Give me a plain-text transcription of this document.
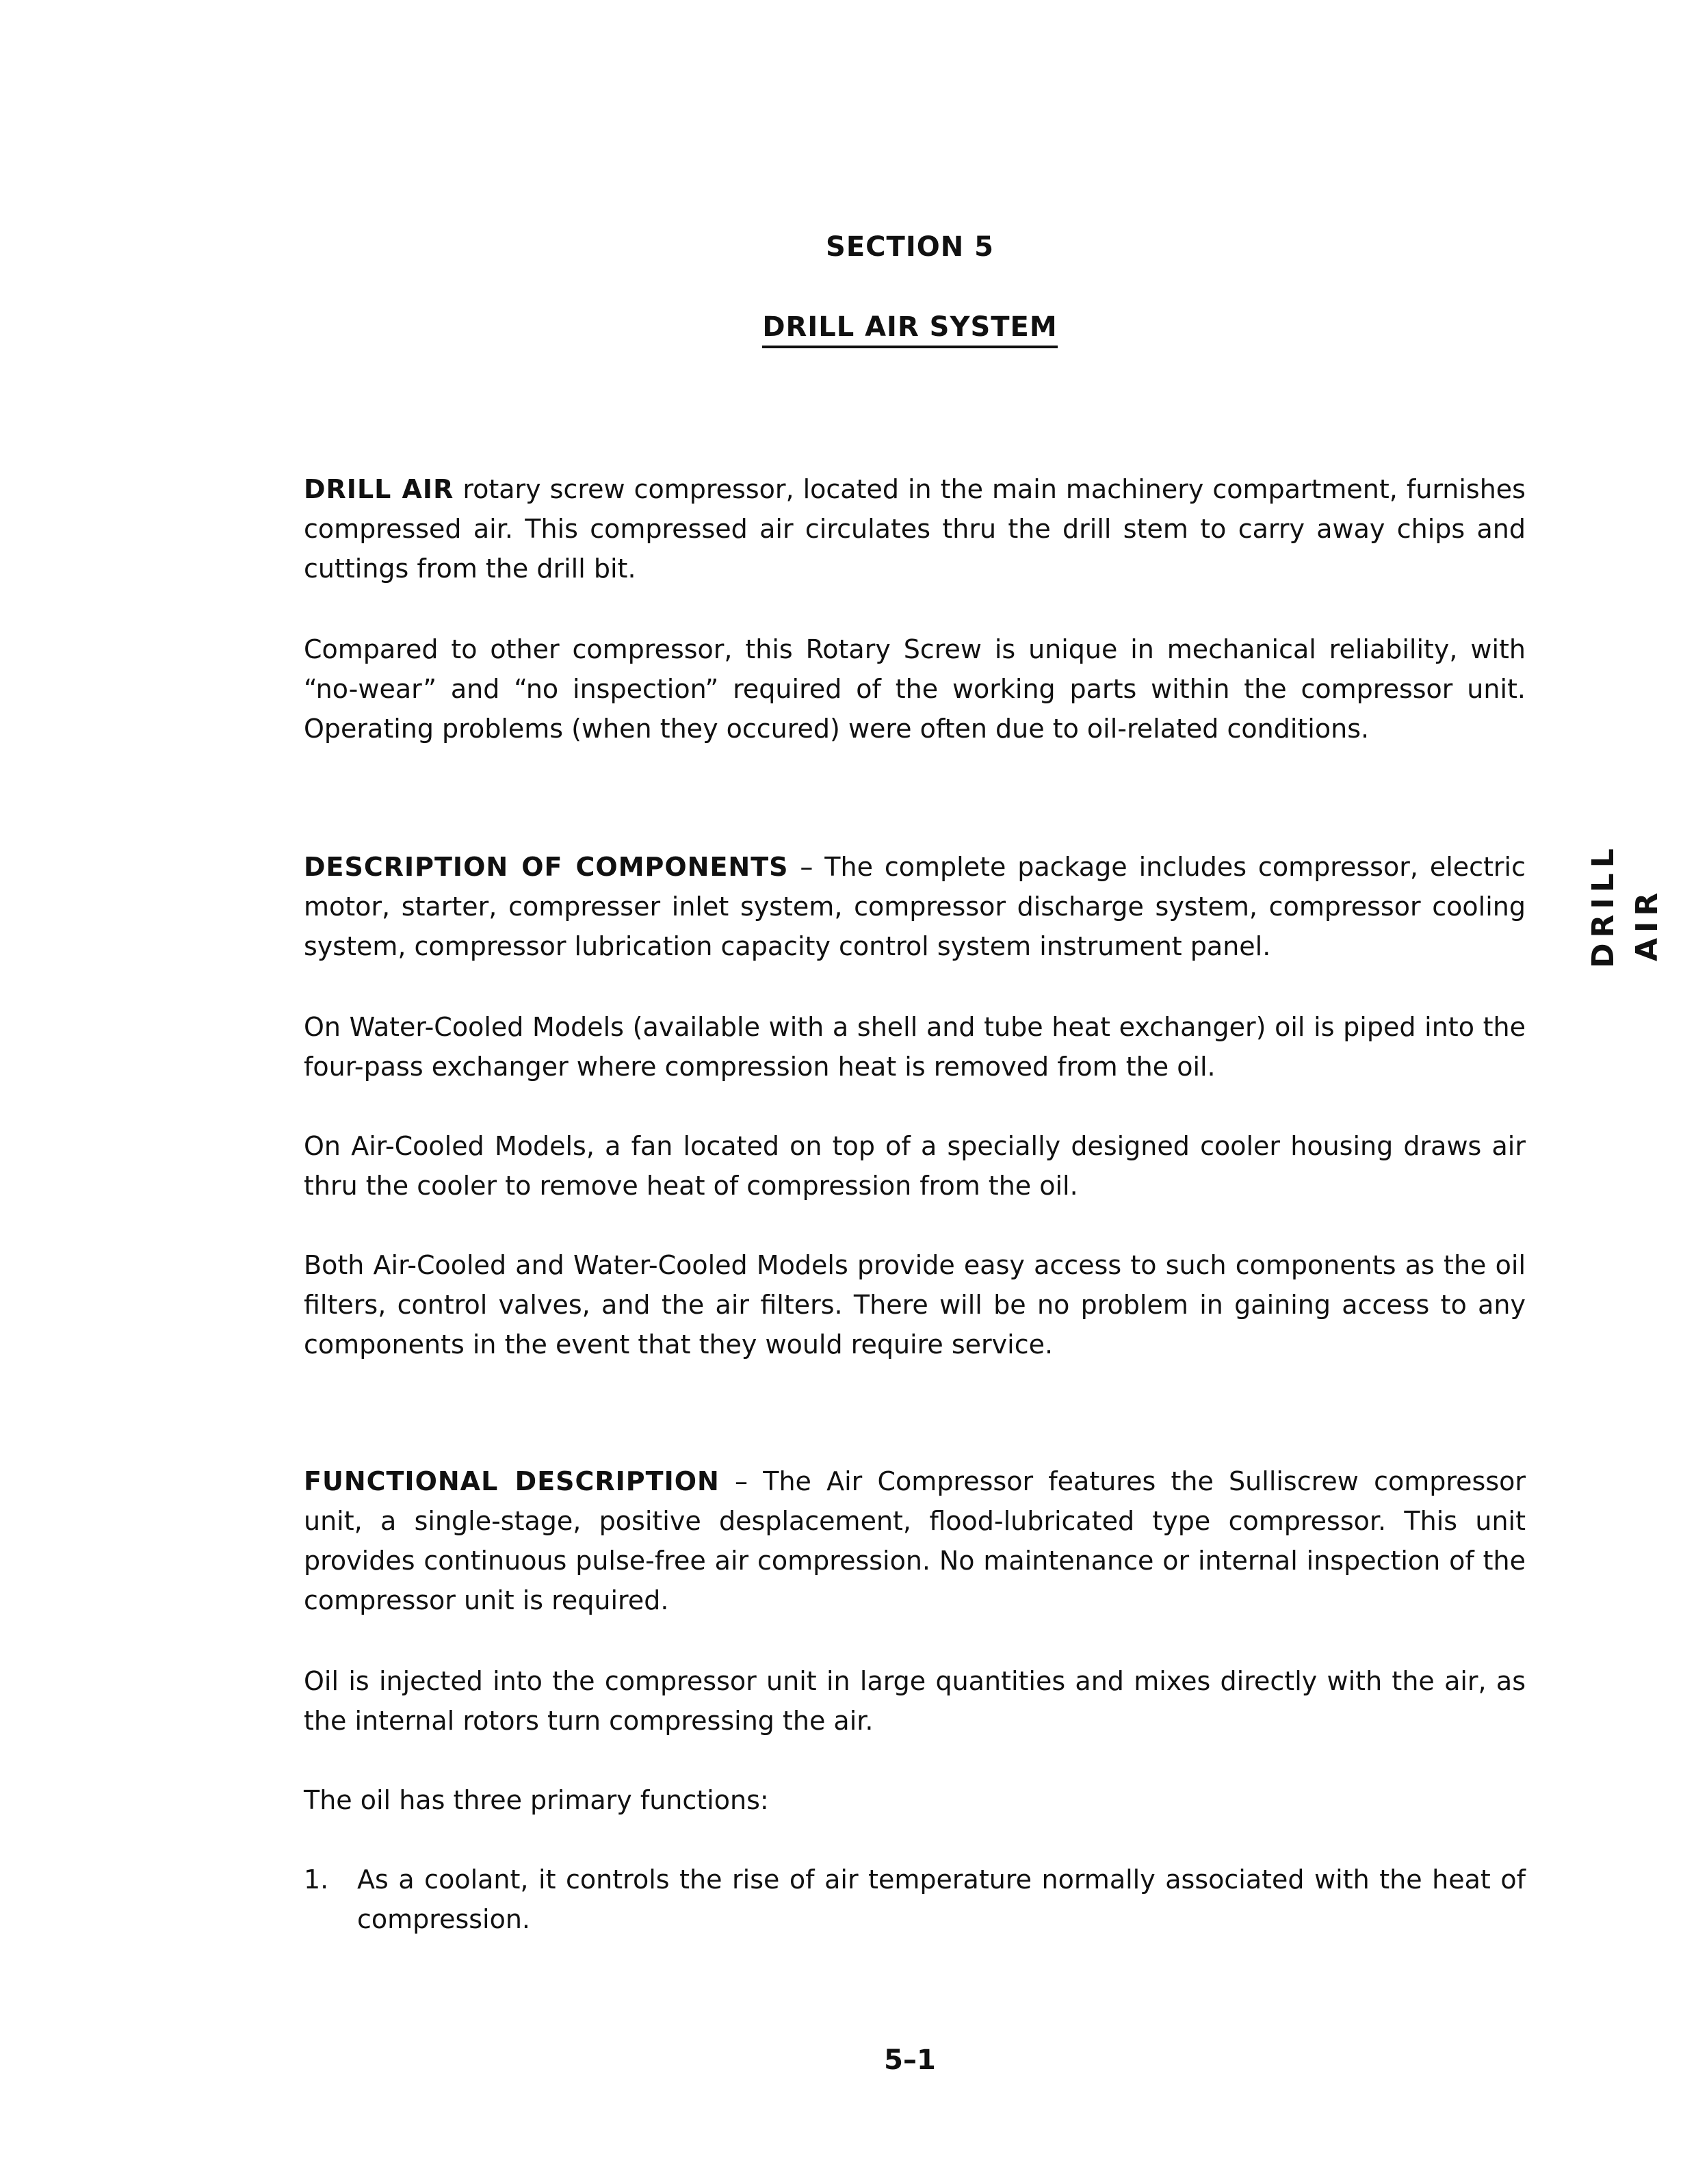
SECTION 5
DRILL AIR SYSTEM

DRILL AIR rotary screw compressor, located in the main machinery compartment, furnishes compressed air. This compressed air circulates thru the drill stem to carry away chips and cuttings from the drill bit.

Compared to other compressor, this Rotary Screw is unique in mechanical reliability, with “no-wear” and “no inspection” required of the working parts within the compressor unit. Operating problems (when they occured) were often due to oil-related conditions.

DESCRIPTION OF COMPONENTS – The complete package includes compressor, electric motor, starter, compresser inlet system, compressor discharge system, compressor cooling system, compressor lubrication capacity control system instrument panel.

On Water-Cooled Models (available with a shell and tube heat exchanger) oil is piped into the four-pass exchanger where compression heat is removed from the oil.

On Air-Cooled Models, a fan located on top of a specially designed cooler housing draws air thru the cooler to remove heat of compression from the oil.

Both Air-Cooled and Water-Cooled Models provide easy access to such components as the oil filters, control valves, and the air filters. There will be no problem in gaining access to any components in the event that they would require service.

FUNCTIONAL DESCRIPTION – The Air Compressor features the Sulliscrew compressor unit, a single-stage, positive desplacement, flood-lubricated type compressor. This unit provides continuous pulse-free air compression. No maintenance or internal inspection of the compressor unit is required.

Oil is injected into the compressor unit in large quantities and mixes directly with the air, as the internal rotors turn compressing the air.

The oil has three primary functions:

1. As a coolant, it controls the rise of air temperature normally associated with the heat of compression.
DRILL AIR
5–1
